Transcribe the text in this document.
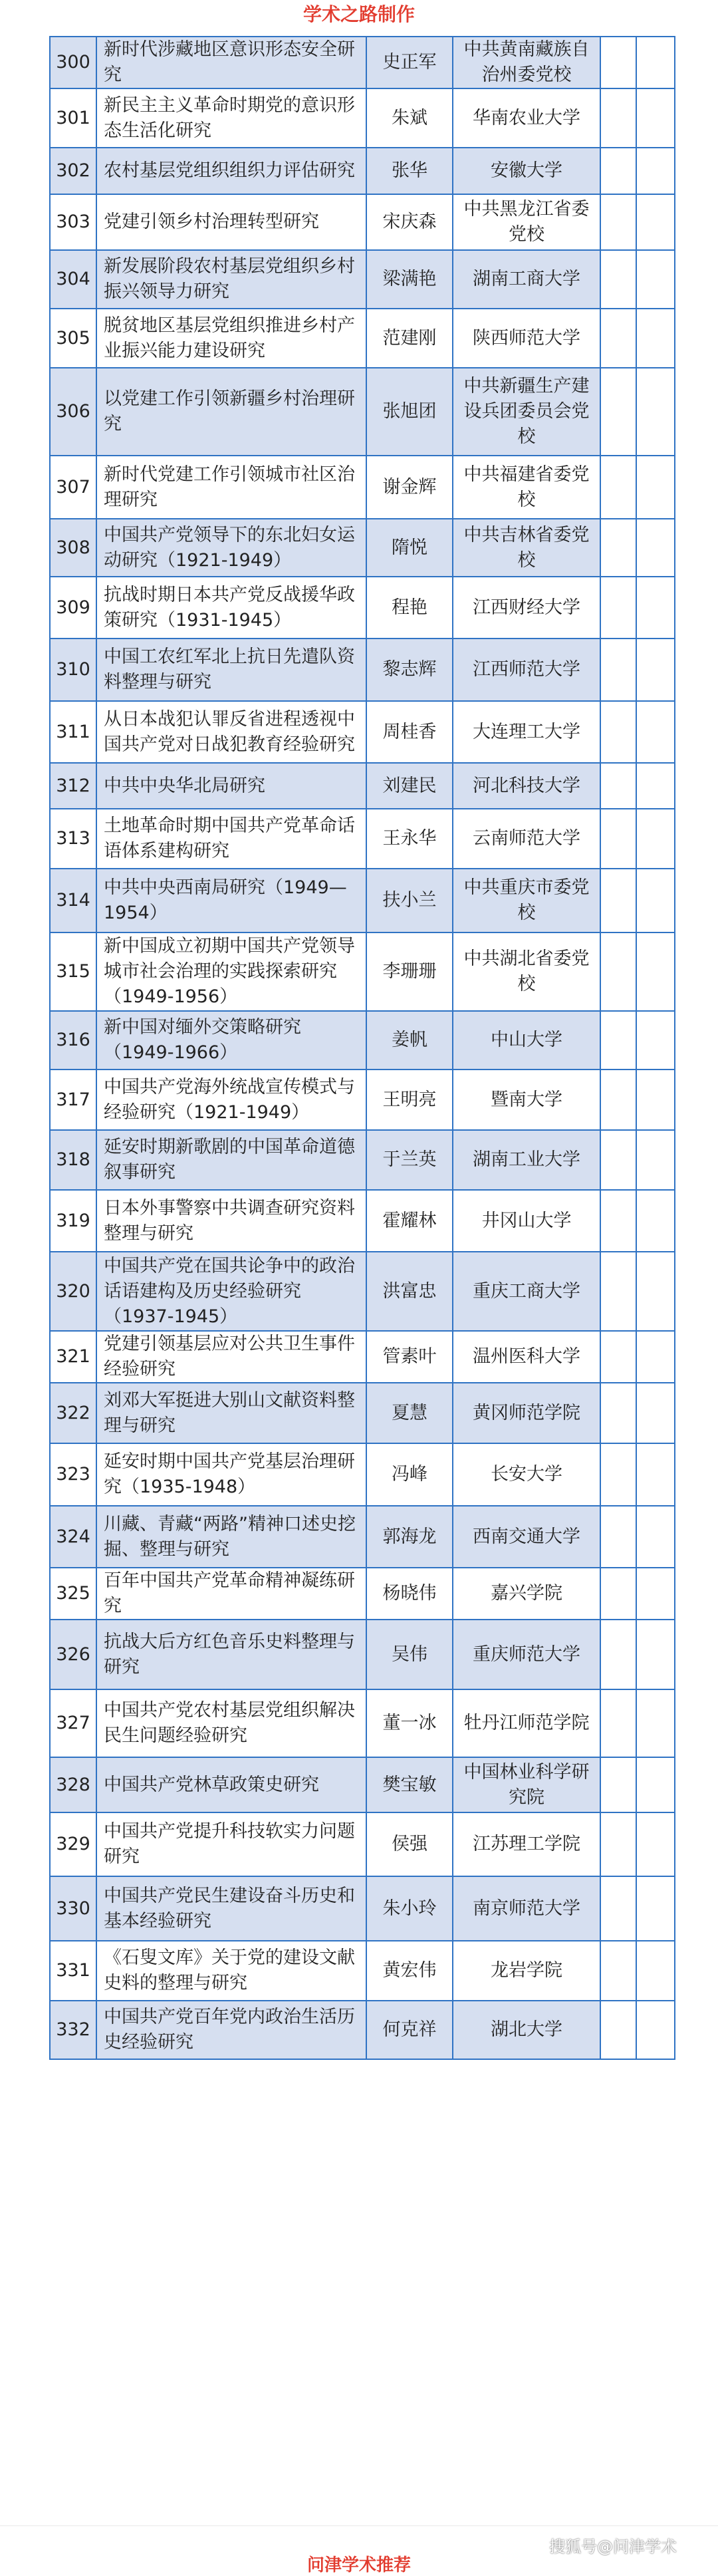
学术之路制作
300	新时代涉藏地区意识形态安全研究	史正军	中共黄南藏族自治州委党校		
301	新民主主义革命时期党的意识形态生活化研究	朱斌	华南农业大学		
302	农村基层党组织组织力评估研究	张华	安徽大学		
303	党建引领乡村治理转型研究	宋庆森	中共黑龙江省委党校		
304	新发展阶段农村基层党组织乡村振兴领导力研究	梁满艳	湖南工商大学		
305	脱贫地区基层党组织推进乡村产业振兴能力建设研究	范建刚	陕西师范大学		
306	以党建工作引领新疆乡村治理研究	张旭团	中共新疆生产建设兵团委员会党校		
307	新时代党建工作引领城市社区治理研究	谢金辉	中共福建省委党校		
308	中国共产党领导下的东北妇女运动研究（1921-1949）	隋悦	中共吉林省委党校		
309	抗战时期日本共产党反战援华政策研究（1931-1945）	程艳	江西财经大学		
310	中国工农红军北上抗日先遣队资料整理与研究	黎志辉	江西师范大学		
311	从日本战犯认罪反省进程透视中国共产党对日战犯教育经验研究	周桂香	大连理工大学		
312	中共中央华北局研究	刘建民	河北科技大学		
313	土地革命时期中国共产党革命话语体系建构研究	王永华	云南师范大学		
314	中共中央西南局研究（1949—1954）	扶小兰	中共重庆市委党校		
315	新中国成立初期中国共产党领导城市社会治理的实践探索研究（1949-1956）	李珊珊	中共湖北省委党校		
316	新中国对缅外交策略研究（1949-1966）	姜帆	中山大学		
317	中国共产党海外统战宣传模式与经验研究（1921-1949）	王明亮	暨南大学		
318	延安时期新歌剧的中国革命道德叙事研究	于兰英	湖南工业大学		
319	日本外事警察中共调查研究资料整理与研究	霍耀林	井冈山大学		
320	中国共产党在国共论争中的政治话语建构及历史经验研究（1937-1945）	洪富忠	重庆工商大学		
321	党建引领基层应对公共卫生事件经验研究	管素叶	温州医科大学		
322	刘邓大军挺进大别山文献资料整理与研究	夏慧	黄冈师范学院		
323	延安时期中国共产党基层治理研究（1935-1948）	冯峰	长安大学		
324	川藏、青藏“两路”精神口述史挖掘、整理与研究	郭海龙	西南交通大学		
325	百年中国共产党革命精神凝练研究	杨晓伟	嘉兴学院		
326	抗战大后方红色音乐史料整理与研究	吴伟	重庆师范大学		
327	中国共产党农村基层党组织解决民生问题经验研究	董一冰	牡丹江师范学院		
328	中国共产党林草政策史研究	樊宝敏	中国林业科学研究院		
329	中国共产党提升科技软实力问题研究	侯强	江苏理工学院		
330	中国共产党民生建设奋斗历史和基本经验研究	朱小玲	南京师范大学		
331	《石叟文库》关于党的建设文献史料的整理与研究	黄宏伟	龙岩学院		
332	中国共产党百年党内政治生活历史经验研究	何克祥	湖北大学		
搜狐号@问津学术
问津学术推荐
